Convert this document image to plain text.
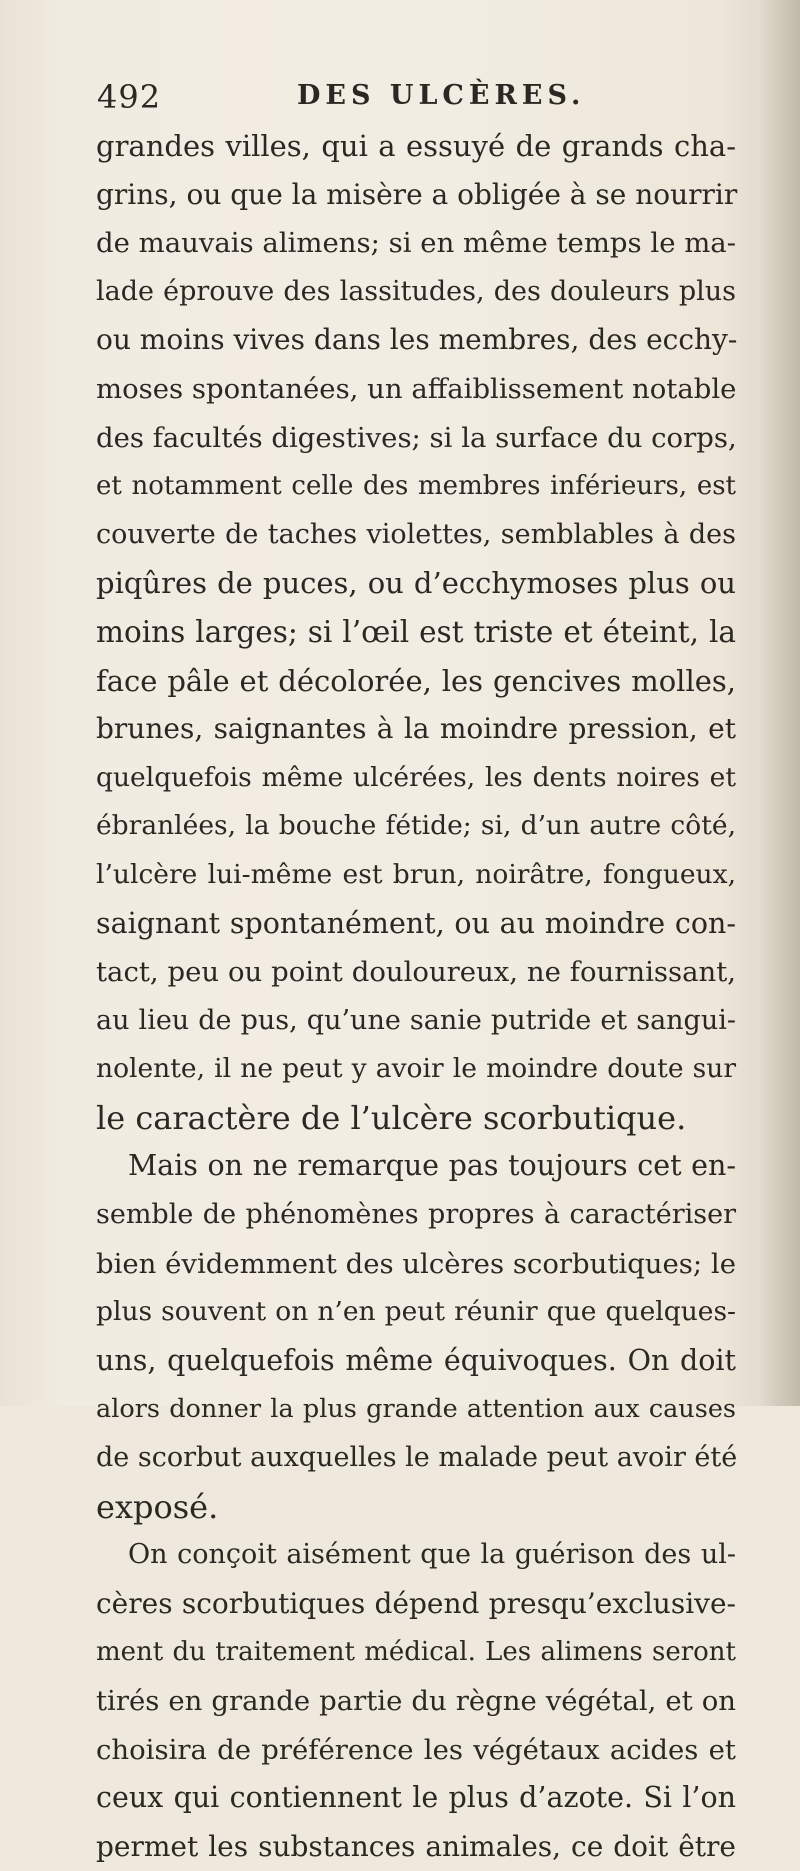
492	DES ULCÈRES.
grandes villes, qui a essuyé de grands cha-
grins, ou que la misère a obligée à se nourrir
de mauvais alimens; si en même temps le ma-
lade éprouve des lassitudes, des douleurs plus
ou moins vives dans les membres, des ecchy-
moses spontanées, un affaiblissement notable
des facultés digestives; si la surface du corps,
et notamment celle des membres inférieurs, est
couverte de taches violettes, semblables à des
piqûres de puces, ou d’ecchymoses plus ou
moins larges; si l’œil est triste et éteint, la
face pâle et décolorée, les gencives molles,
brunes, saignantes à la moindre pression, et
quelquefois même ulcérées, les dents noires et
ébranlées, la bouche fétide; si, d’un autre côté,
l’ulcère lui-même est brun, noirâtre, fongueux,
saignant spontanément, ou au moindre con-
tact, peu ou point douloureux, ne fournissant,
au lieu de pus, qu’une sanie putride et sangui-
nolente, il ne peut y avoir le moindre doute sur
le caractère de l’ulcère scorbutique.
Mais on ne remarque pas toujours cet en-
semble de phénomènes propres à caractériser
bien évidemment des ulcères scorbutiques; le
plus souvent on n’en peut réunir que quelques-
uns, quelquefois même équivoques. On doit
alors donner la plus grande attention aux causes
de scorbut auxquelles le malade peut avoir été
exposé.
On conçoit aisément que la guérison des ul-
cères scorbutiques dépend presqu’exclusive-
ment du traitement médical. Les alimens seront
tirés en grande partie du règne végétal, et on
choisira de préférence les végétaux acides et
ceux qui contiennent le plus d’azote. Si l’on
permet les substances animales, ce doit être
